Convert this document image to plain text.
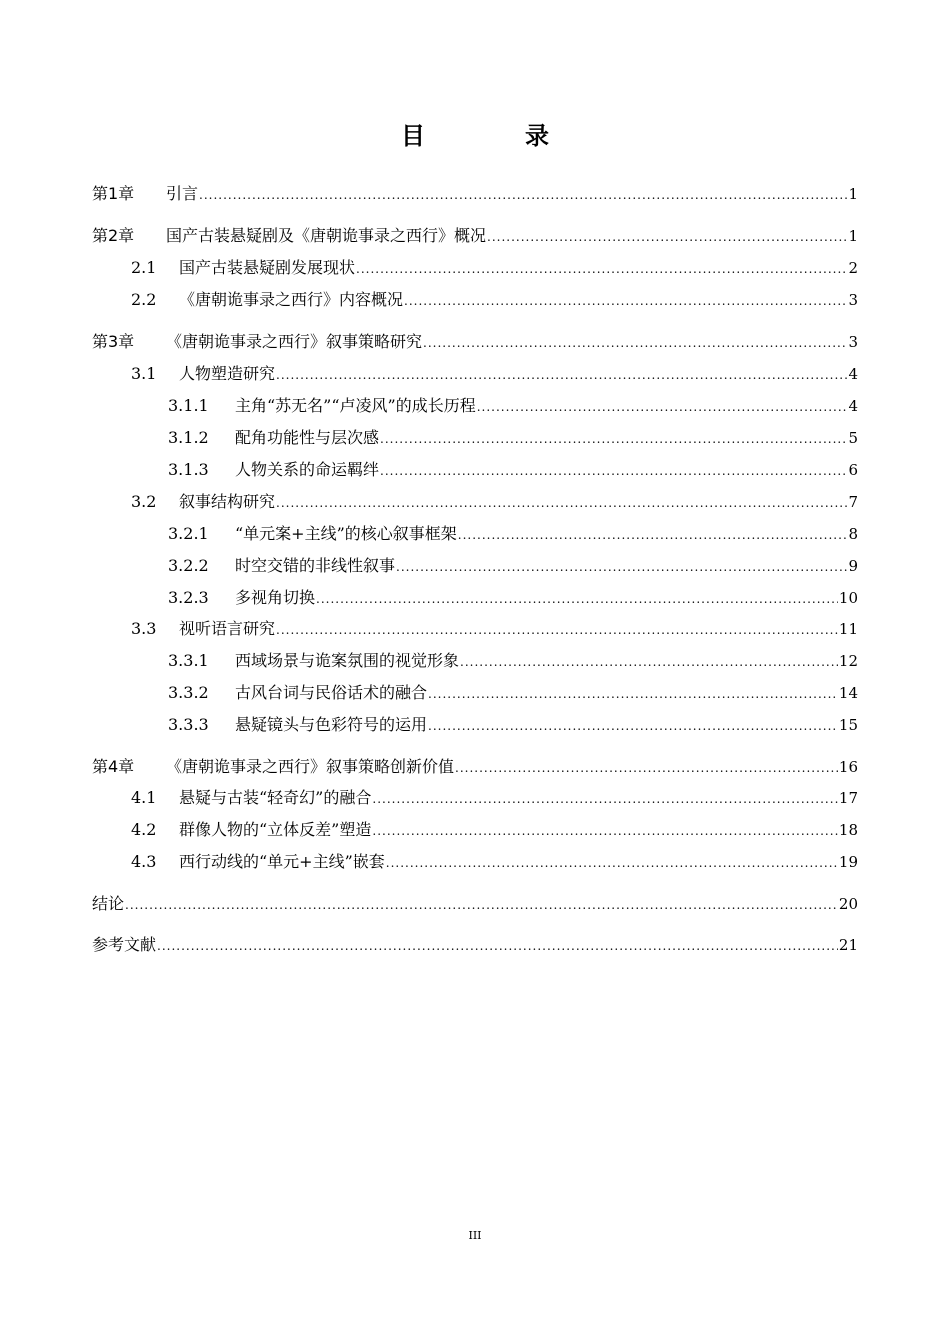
目　录
第1章	引言 .....	1
第2章	国产古装悬疑剧及《唐朝诡事录之西行》概况 .....	1
2.1	国产古装悬疑剧发展现状 .....	2
2.2	《唐朝诡事录之西行》内容概况 .....	3
第3章	《唐朝诡事录之西行》叙事策略研究 .....	3
3.1	人物塑造研究 .....	4
3.1.1	主角“苏无名”“卢凌风”的成长历程 .....	4
3.1.2	配角功能性与层次感 .....	5
3.1.3	人物关系的命运羁绊 .....	6
3.2	叙事结构研究 .....	7
3.2.1	“单元案+主线”的核心叙事框架 .....	8
3.2.2	时空交错的非线性叙事 .....	9
3.2.3	多视角切换 .....	10
3.3	视听语言研究 .....	11
3.3.1	西域场景与诡案氛围的视觉形象 .....	12
3.3.2	古风台词与民俗话术的融合 .....	14
3.3.3	悬疑镜头与色彩符号的运用 .....	15
第4章	《唐朝诡事录之西行》叙事策略创新价值 .....	16
4.1	悬疑与古装“轻奇幻”的融合 .....	17
4.2	群像人物的“立体反差”塑造 .....	18
4.3	西行动线的“单元+主线”嵌套 .....	19
结论 .....	20
参考文献 .....	21
III
